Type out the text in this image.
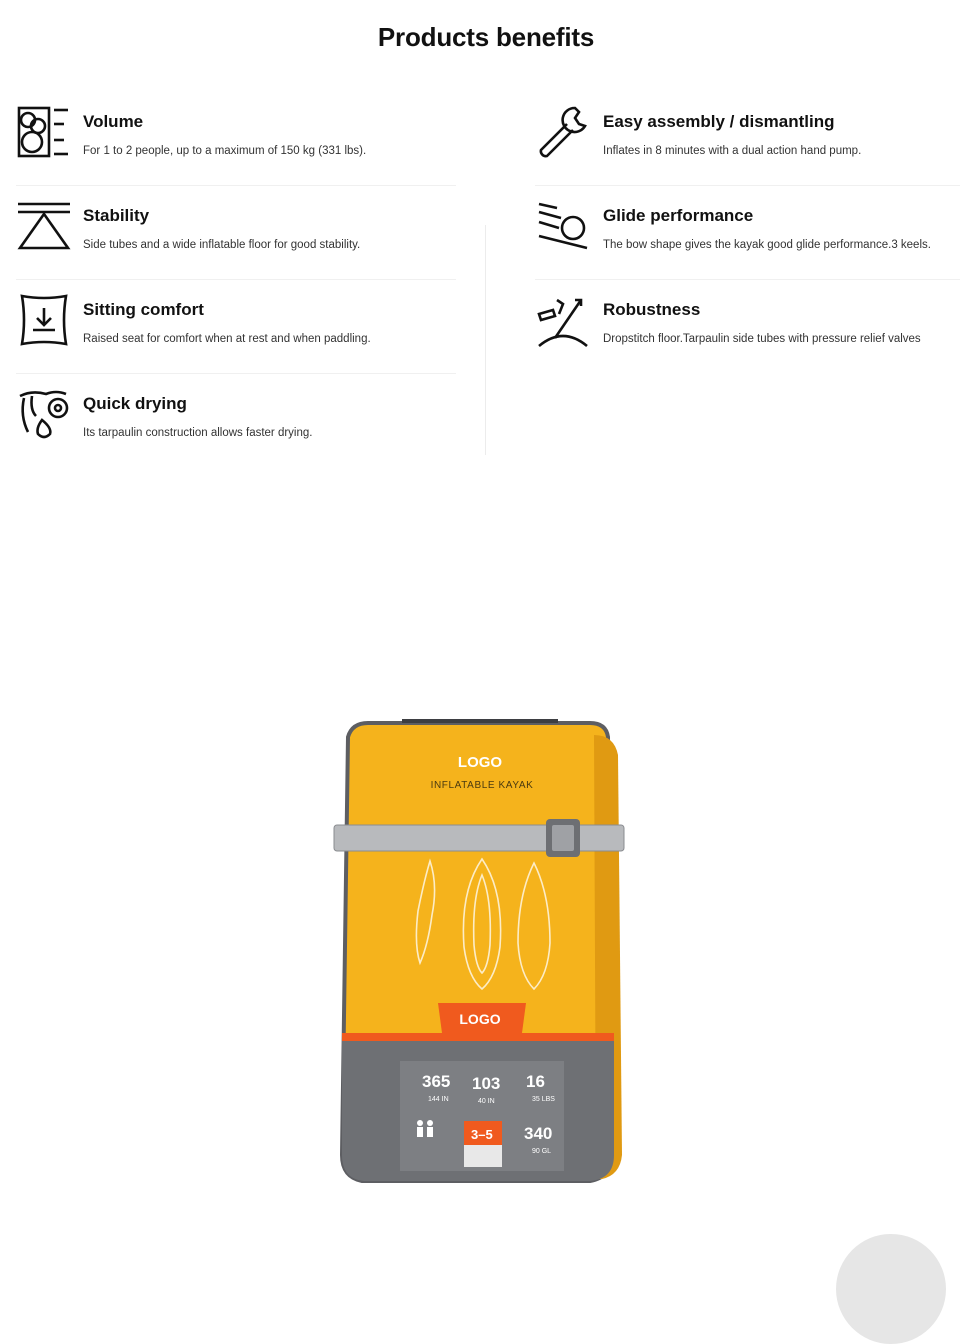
Products benefits
Volume
For 1 to 2 people, up to a maximum of 150 kg (331 lbs).
Stability
Side tubes and a wide inflatable floor for good stability.
Sitting comfort
Raised seat for comfort when at rest and when paddling.
Quick drying
Its tarpaulin construction allows faster drying.
Easy assembly / dismantling
Inflates in 8 minutes with a dual action hand pump.
Glide performance
The bow shape gives the kayak good glide performance.3 keels.
Robustness
Dropstitch floor.Tarpaulin side tubes with pressure relief valves
LOGO
INFLATABLE KAYAK
LOGO
365
144 IN
103
40 IN
16
35 LBS
3–5 340
90 GL
